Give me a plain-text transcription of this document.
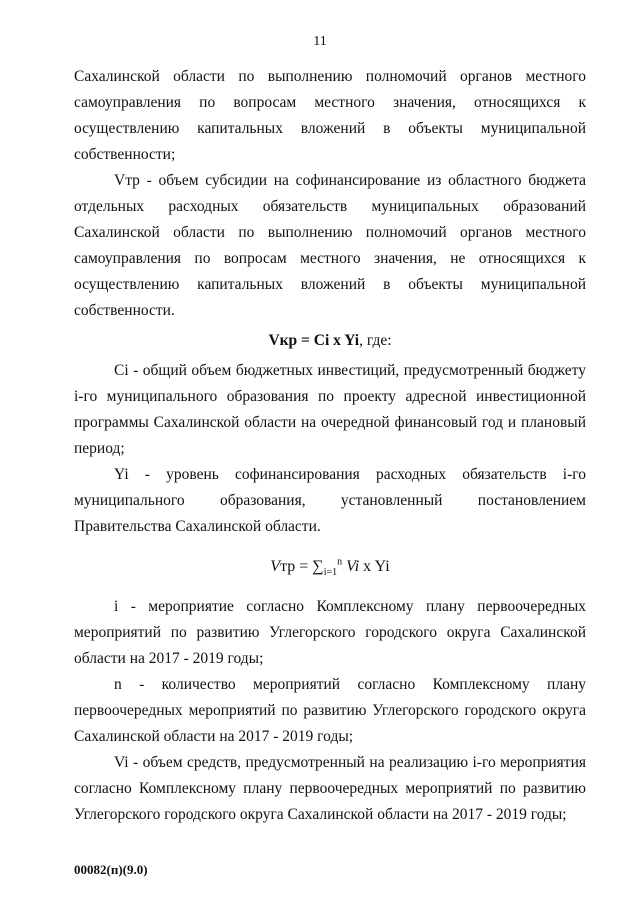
11

Сахалинской области по выполнению полномочий органов местного самоуправления по вопросам местного значения, относящихся к осуществлению капитальных вложений в объекты муниципальной собственности;

Vтр - объем субсидии на софинансирование из областного бюджета отдельных расходных обязательств муниципальных образований Сахалинской области по выполнению полномочий органов местного самоуправления по вопросам местного значения, не относящихся к осуществлению капитальных вложений в объекты муниципальной собственности.

Vкр = Ci x Yi, где:

Ci - общий объем бюджетных инвестиций, предусмотренный бюджету i-го муниципального образования по проекту адресной инвестиционной программы Сахалинской области на очередной финансовый год и плановый период;

Yi - уровень софинансирования расходных обязательств i-го муниципального образования, установленный постановлением Правительства Сахалинской области.

Vтр = $\sum_{i=1}^n$ Vi x Yi

i - мероприятие согласно Комплексному плану первоочередных мероприятий по развитию Углегорского городского округа Сахалинской области на 2017 - 2019 годы;

n - количество мероприятий согласно Комплексному плану первоочередных мероприятий по развитию Углегорского городского округа Сахалинской области на 2017 - 2019 годы;

Vi - объем средств, предусмотренный на реализацию i-го мероприятия согласно Комплексному плану первоочередных мероприятий по развитию Углегорского городского округа Сахалинской области на 2017 - 2019 годы;

00082(п)(9.0)
